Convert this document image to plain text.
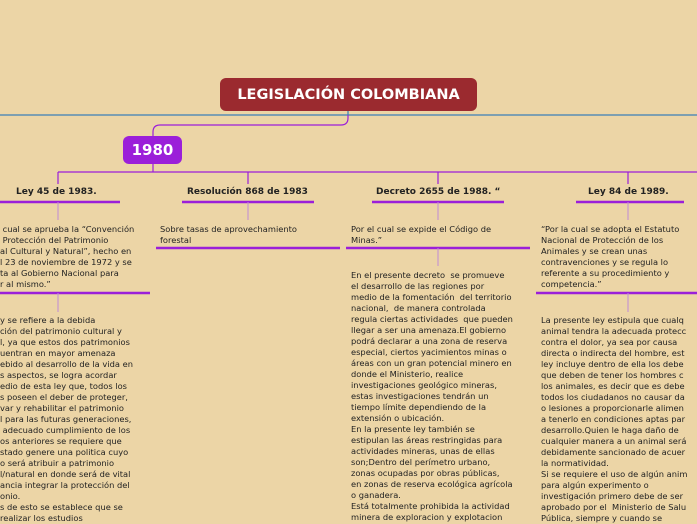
LEGISLACIÓN COLOMBIANA
1980
Ley 45 de 1983.	Resolución 868 de 1983	Decreto 2655 de 1988. “	Ley 84 de 1989.
cual se aprueba la “Convención
Protección del Patrimonio
al Cultural y Natural”, hecho en
l 23 de noviembre de 1972 y se
ta al Gobierno Nacional para
r al mismo.”
y se refiere a la debida
ción del patrimonio cultural y
l, ya que estos dos patrimonios
uentran en mayor amenaza
ebido al desarrollo de la vida en
s aspectos, se logra acordar
edio de esta ley que, todos los
s poseen el deber de proteger,
var y rehabilitar el patrimonio
l para las futuras generaciones,
adecuado cumplimiento de los
os anteriores se requiere que
stado genere una politica cuyo
o será atribuir a patrimonio
l/natural en donde será de vital
ancia integrar la protección del
onio.
s de esto se establece que se
realizar los estudios
Sobre tasas de aprovechamiento
forestal
Por el cual se expide el Código de
Minas.”
En el presente decreto  se promueve
el desarrollo de las regiones por
medio de la fomentación  del territorio
nacional,  de manera controlada
regula ciertas actividades  que pueden
llegar a ser una amenaza.El gobierno
podrá declarar a una zona de reserva
especial, ciertos yacimientos minas o
áreas con un gran potencial minero en
donde el Ministerio, realice
investigaciones geológico mineras,
estas investigaciones tendrán un
tiempo límite dependiendo de la
extensión o ubicación.
En la presente ley también se
estipulan las áreas restringidas para
actividades mineras, unas de ellas
son;Dentro del perímetro urbano,
zonas ocupadas por obras públicas,
en zonas de reserva ecológica agrícola
o ganadera.
Está totalmente prohibida la actividad
minera de exploracion y explotacion
“Por la cual se adopta el Estatuto
Nacional de Protección de los
Animales y se crean unas
contravenciones y se regula lo
referente a su procedimiento y
competencia.”
La presente ley estipula que cualq
animal tendra la adecuada protecc
contra el dolor, ya sea por causa
directa o indirecta del hombre, est
ley incluye dentro de ella los debe
que deben de tener los hombres c
los animales, es decir que es debe
todos los ciudadanos no causar da
o lesiones a proporcionarle alimen
a tenerlo en condiciones aptas par
desarrollo.Quien le haga daño de
cualquier manera a un animal será
debidamente sancionado de acuer
la normatividad.
Si se requiere el uso de algún anim
para algún experimento o
investigación primero debe de ser
aprobado por el  Ministerio de Salu
Pública, siempre y cuando se
